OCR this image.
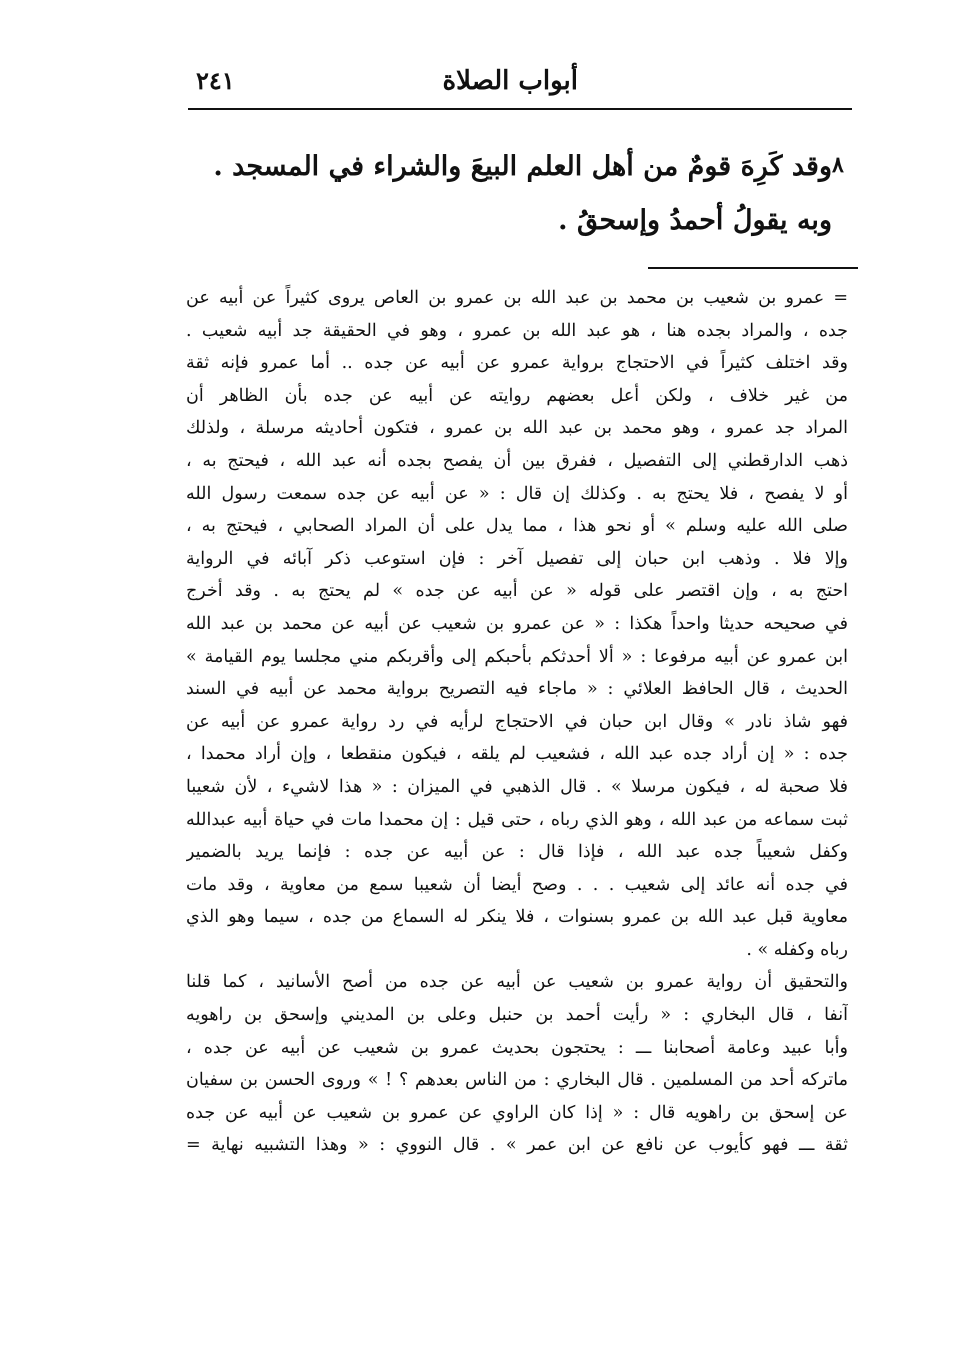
أبواب الصلاة
٢٤١
٨
وقد كَرِهَ قومٌ من أهل العلم البيعَ والشراء في المسجد .
وبه يقولُ أحمدُ وإسحقُ .
= عمرو بن شعيب بن محمد بن عبد الله بن عمرو بن العاص يروى كثيراً عن أبيه عن
جده ، والمراد بجده هنا ، هو عبد الله بن عمرو ، وهو في الحقيقة جد أبيه شعيب .
وقد اختلف كثيراً في الاحتجاج برواية عمرو عن أبيه عن جده .. أما عمرو فإنه ثقة
من غير خلاف ، ولكن أعل بعضهم روايته عن أبيه عن جده بأن الظاهر أن
المراد جد عمرو ، وهو محمد بن عبد الله بن عمرو ، فتكون أحاديثه مرسلة ، ولذلك
ذهب الدارقطني إلى التفصيل ، ففرق بين أن يفصح بجده أنه عبد الله ، فيحتج به ،
أو لا يفصح ، فلا يحتج به . وكذلك إن قال : « عن أبيه عن جده سمعت رسول الله
صلى الله عليه وسلم » أو نحو هذا ، مما يدل على أن المراد الصحابي ، فيحتج به ،
وإلا فلا . وذهب ابن حبان إلى تفصيل آخر : فإن استوعب ذكر آبائه في الرواية
احتج به ، وإن اقتصر على قوله « عن أبيه عن جده » لم يحتج به . وقد أخرج
في صحيحه حديثا واحداً هكذا : « عن عمرو بن شعيب عن أبيه عن محمد بن عبد الله
ابن عمرو عن أبيه مرفوعا : « ألا أحدثكم بأحبكم إلى وأقربكم مني مجلسا يوم القيامة »
الحديث ، قال الحافظ العلائي : « ماجاء فيه التصريح برواية محمد عن أبيه في السند
فهو شاذ نادر » وقال ابن حبان في الاحتجاج لرأيه في رد رواية عمرو عن أبيه عن
جده : « إن أراد جده عبد الله ، فشعيب لم يلقه ، فيكون منقطعا ، وإن أراد محمدا ،
فلا صحبة له ، فيكون مرسلا » . قال الذهبي في الميزان : « هذا لاشيء ، لأن شعيبا
ثبت سماعه من عبد الله ، وهو الذي رباه ، حتى قيل : إن محمدا مات في حياة أبيه عبدالله
وكفل شعيباً جده عبد الله ، فإذا قال : عن أبيه عن جده : فإنما يريد بالضمير
في جده أنه عائد إلى شعيب . . . وصح أيضا أن شعيبا سمع من معاوية ، وقد مات
معاوية قبل عبد الله بن عمرو بسنوات ، فلا ينكر له السماع من جده ، سيما وهو الذي
رباه وكفله » .
والتحقيق أن رواية عمرو بن شعيب عن أبيه عن جده من أصح الأسانيد ، كما قلنا
آنفا ، قال البخاري : « رأيت أحمد بن حنبل وعلى بن المديني وإسحق بن راهويه
وأبا عبيد وعامة أصحابنا ـــ : يحتجون بحديث عمرو بن شعيب عن أبيه عن جده ،
ماتركه أحد من المسلمين . قال البخاري : من الناس بعدهم ؟ ! » وروى الحسن بن سفيان
عن إسحق بن راهويه قال : « إذا كان الراوي عن عمرو بن شعيب عن أبيه عن جده
ثقة ـــ فهو كأيوب عن نافع عن ابن عمر » . قال النووي : « وهذا التشبيه نهاية =
